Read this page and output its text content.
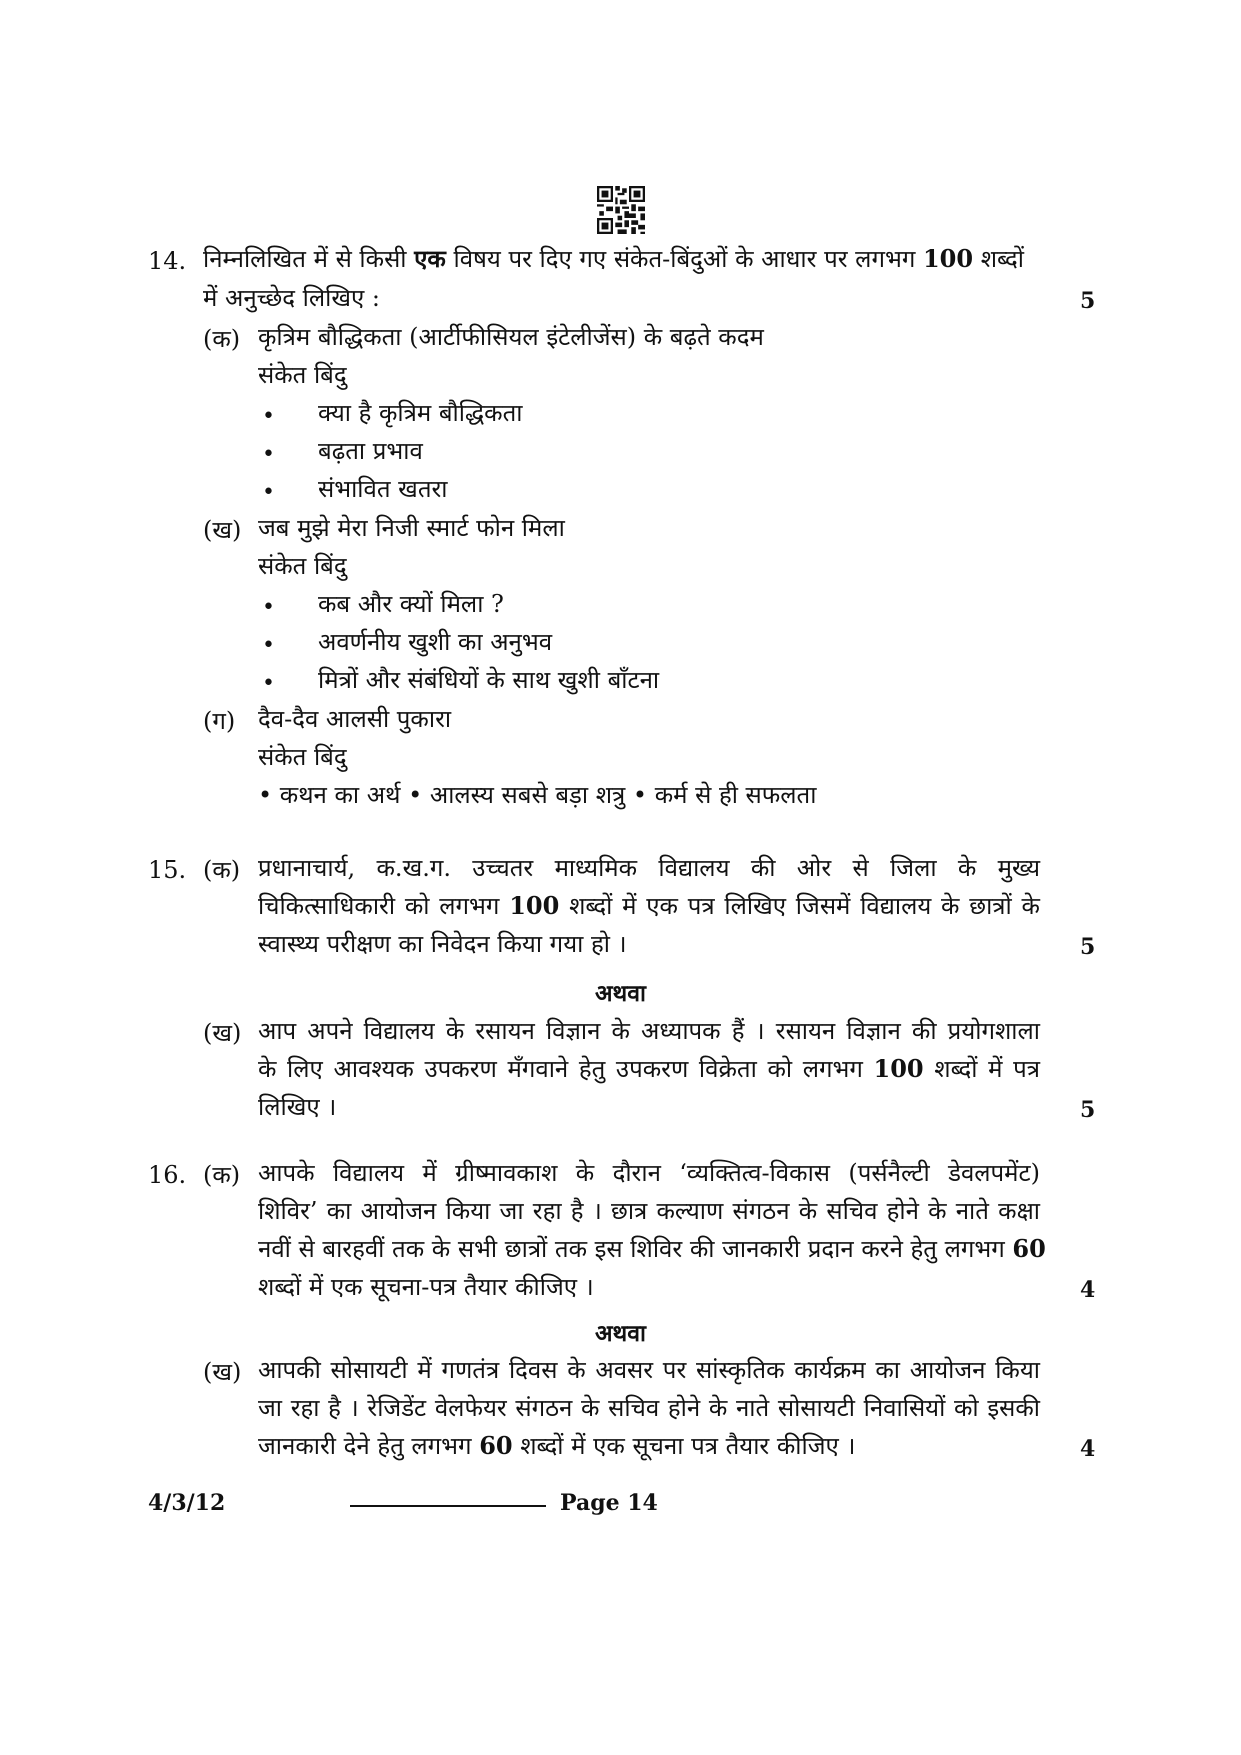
14. निम्नलिखित में से किसी एक विषय पर दिए गए संकेत-बिंदुओं के आधार पर लगभग 100 शब्दों
में अनुच्छेद लिखिए :	5
(क) कृत्रिम बौद्धिकता (आर्टीफीसियल इंटेलीजेंस) के बढ़ते कदम
संकेत बिंदु
• क्या है कृत्रिम बौद्धिकता
• बढ़ता प्रभाव
• संभावित खतरा
(ख) जब मुझे मेरा निजी स्मार्ट फोन मिला
संकेत बिंदु
• कब और क्यों मिला ?
• अवर्णनीय खुशी का अनुभव
• मित्रों और संबंधियों के साथ खुशी बाँटना
(ग) दैव-दैव आलसी पुकारा
संकेत बिंदु
• कथन का अर्थ • आलस्य सबसे बड़ा शत्रु • कर्म से ही सफलता
15. (क) प्रधानाचार्य, क.ख.ग. उच्चतर माध्यमिक विद्यालय की ओर से जिला के मुख्य
चिकित्साधिकारी को लगभग 100 शब्दों में एक पत्र लिखिए जिसमें विद्यालय के छात्रों के
स्वास्थ्य परीक्षण का निवेदन किया गया हो ।	5
अथवा
(ख) आप अपने विद्यालय के रसायन विज्ञान के अध्यापक हैं । रसायन विज्ञान की प्रयोगशाला
के लिए आवश्यक उपकरण मँगवाने हेतु उपकरण विक्रेता को लगभग 100 शब्दों में पत्र
लिखिए ।	5
16. (क) आपके विद्यालय में ग्रीष्मावकाश के दौरान ‘व्यक्तित्व-विकास (पर्सनैल्टी डेवलपमेंट)
शिविर’ का आयोजन किया जा रहा है । छात्र कल्याण संगठन के सचिव होने के नाते कक्षा
नवीं से बारहवीं तक के सभी छात्रों तक इस शिविर की जानकारी प्रदान करने हेतु लगभग 60
शब्दों में एक सूचना-पत्र तैयार कीजिए ।	4
अथवा
(ख) आपकी सोसायटी में गणतंत्र दिवस के अवसर पर सांस्कृतिक कार्यक्रम का आयोजन किया
जा रहा है । रेजिडेंट वेलफेयर संगठन के सचिव होने के नाते सोसायटी निवासियों को इसकी
जानकारी देने हेतु लगभग 60 शब्दों में एक सूचना पत्र तैयार कीजिए ।	4
4/3/12	Page 14
